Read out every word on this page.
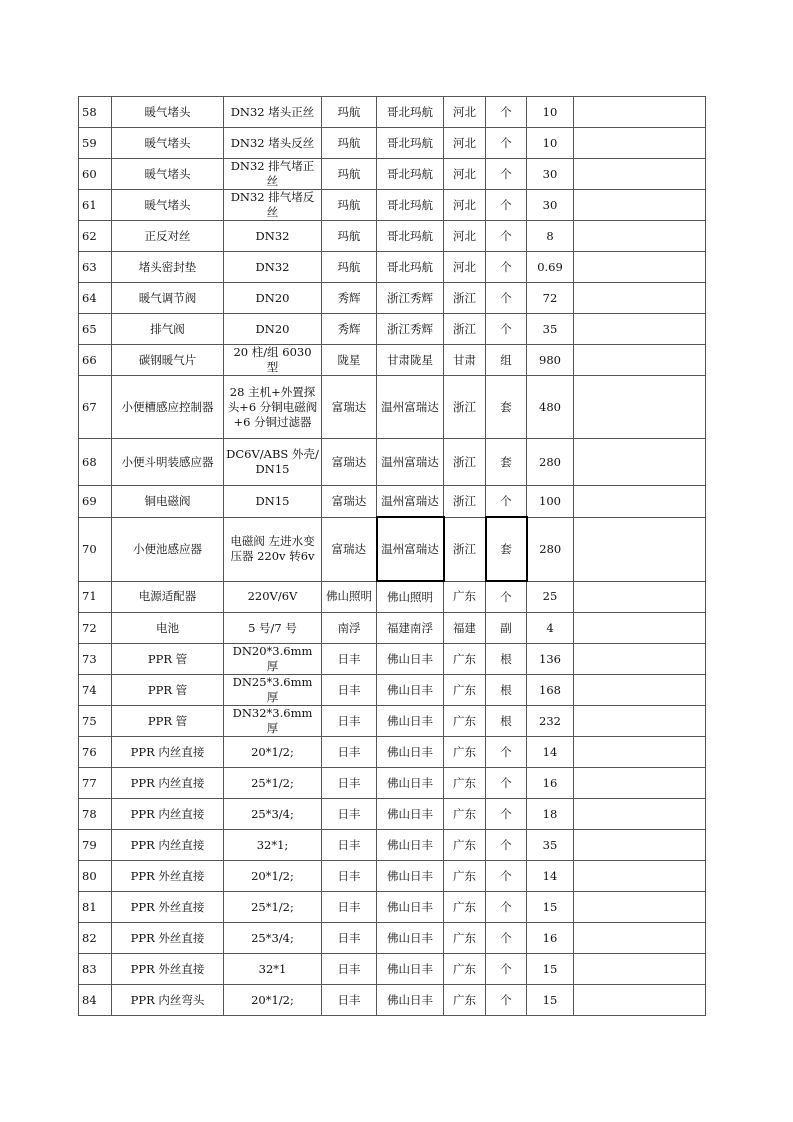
58	暖气堵头	DN32 堵头正丝	玛航	哥北玛航	河北	个	10	
59	暖气堵头	DN32 堵头反丝	玛航	哥北玛航	河北	个	10	
60	暖气堵头	DN32 排气堵正丝	玛航	哥北玛航	河北	个	30	
61	暖气堵头	DN32 排气堵反丝	玛航	哥北玛航	河北	个	30	
62	正反对丝	DN32	玛航	哥北玛航	河北	个	8	
63	堵头密封垫	DN32	玛航	哥北玛航	河北	个	0.69	
64	暖气调节阀	DN20	秀辉	浙江秀辉	浙江	个	72	
65	排气阀	DN20	秀辉	浙江秀辉	浙江	个	35	
66	碳钢暖气片	20 柱/组 6030 型	陇星	甘肃陇星	甘肃	组	980	
67	小便槽感应控制器	28 主机+外置探头+6 分铜电磁阀+6 分铜过滤器	富瑞达	温州富瑞达	浙江	套	480	
68	小便斗明装感应器	DC6V/ABS 外壳/DN15	富瑞达	温州富瑞达	浙江	套	280	
69	铜电磁阀	DN15	富瑞达	温州富瑞达	浙江	个	100	
70	小便池感应器	电磁阀 左进水变压器 220v 转6v	富瑞达	温州富瑞达	浙江	套	280	
71	电源适配器	220V/6V	佛山照明	佛山照明	广东	个	25	
72	电池	5 号/7 号	南浮	福建南浮	福建	副	4	
73	PPR 管	DN20*3.6mm 厚	日丰	佛山日丰	广东	根	136	
74	PPR 管	DN25*3.6mm 厚	日丰	佛山日丰	广东	根	168	
75	PPR 管	DN32*3.6mm 厚	日丰	佛山日丰	广东	根	232	
76	PPR 内丝直接	20*1/2;	日丰	佛山日丰	广东	个	14	
77	PPR 内丝直接	25*1/2;	日丰	佛山日丰	广东	个	16	
78	PPR 内丝直接	25*3/4;	日丰	佛山日丰	广东	个	18	
79	PPR 内丝直接	32*1;	日丰	佛山日丰	广东	个	35	
80	PPR 外丝直接	20*1/2;	日丰	佛山日丰	广东	个	14	
81	PPR 外丝直接	25*1/2;	日丰	佛山日丰	广东	个	15	
82	PPR 外丝直接	25*3/4;	日丰	佛山日丰	广东	个	16	
83	PPR 外丝直接	32*1	日丰	佛山日丰	广东	个	15	
84	PPR 内丝弯头	20*1/2;	日丰	佛山日丰	广东	个	15	
